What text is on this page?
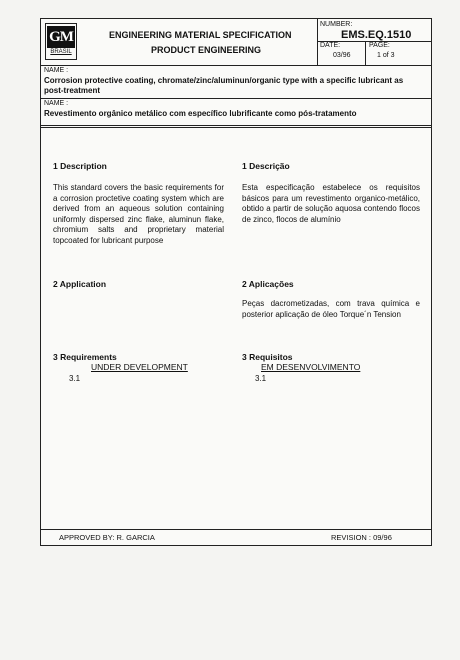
GM
BRASIL
ENGINEERING MATERIAL SPECIFICATION
PRODUCT ENGINEERING
NUMBER:
EMS.EQ.1510
DATE:
03/96
PAGE:
1 of 3
NAME :
Corrosion protective coating, chromate/zinc/aluminun/organic type with a specific lubricant as post-treatment
NAME :
Revestimento orgânico metálico com específico lubrificante como pós-tratamento
1 Description
This standard covers the basic requirements for a corrosion proctetive coating system which are derived from an aqueous solution containing uniformly dispersed zinc flake, aluminun flake, chromium salts and proprietary material topcoated for lubricant purpose
1 Descrição
Esta especificação estabelece os requisitos básicos para um revestimento organico-metálico, obtido a partir de solução aquosa contendo flocos de zinco, flocos de alumínio
2 Application	2 Aplicações
Peças dacrometizadas, com trava química e posterior aplicação de óleo Torque´n Tension
3 Requirements
UNDER DEVELOPMENT
3.1
3 Requisitos
EM DESENVOLVIMENTO
3.1
APPROVED BY: R. GARCIA	REVISION : 09/96
